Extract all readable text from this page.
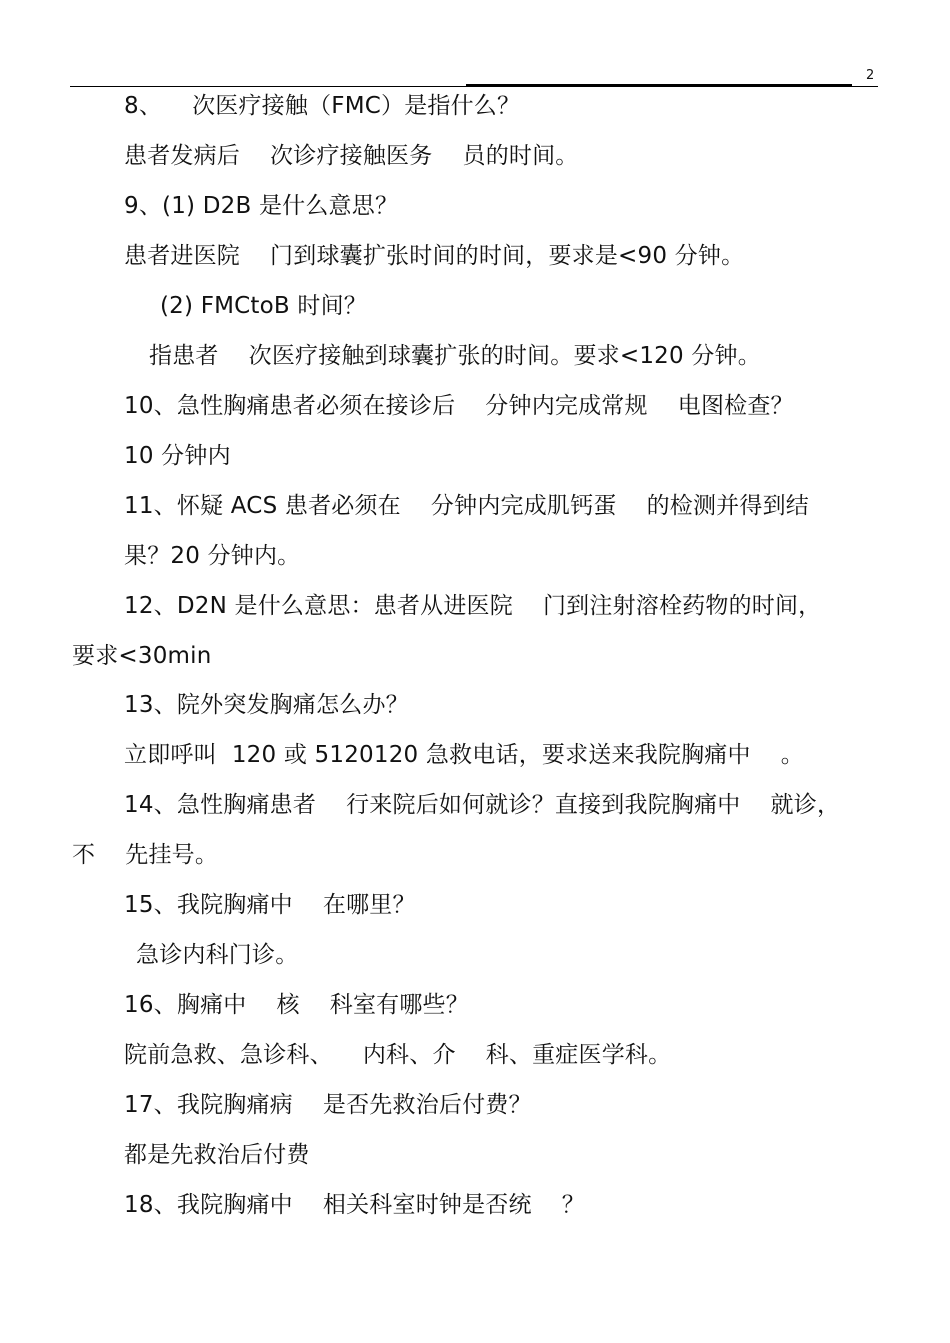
2
8、    次医疗接触（FMC）是指什么？
患者发病后    次诊疗接触医务    员的时间。
9、(1) D2B 是什么意思？
患者进医院    门到球囊扩张时间的时间，要求是<90 分钟。
(2) FMCtoB 时间？
指患者    次医疗接触到球囊扩张的时间。要求<120 分钟。
10、急性胸痛患者必须在接诊后    分钟内完成常规    电图检查？
10 分钟内
11、怀疑 ACS 患者必须在    分钟内完成肌钙蛋    的检测并得到结
果？20 分钟内。
12、D2N 是什么意思：患者从进医院    门到注射溶栓药物的时间，
要求<30min
13、院外突发胸痛怎么办？
立即呼叫  120 或 5120120 急救电话，要求送来我院胸痛中    。
14、急性胸痛患者    行来院后如何就诊？直接到我院胸痛中    就诊，
不    先挂号。
15、我院胸痛中    在哪里？
急诊内科门诊。
16、胸痛中    核    科室有哪些？
院前急救、急诊科、    内科、介    科、重症医学科。
17、我院胸痛病    是否先救治后付费？
都是先救治后付费
18、我院胸痛中    相关科室时钟是否统    ？
